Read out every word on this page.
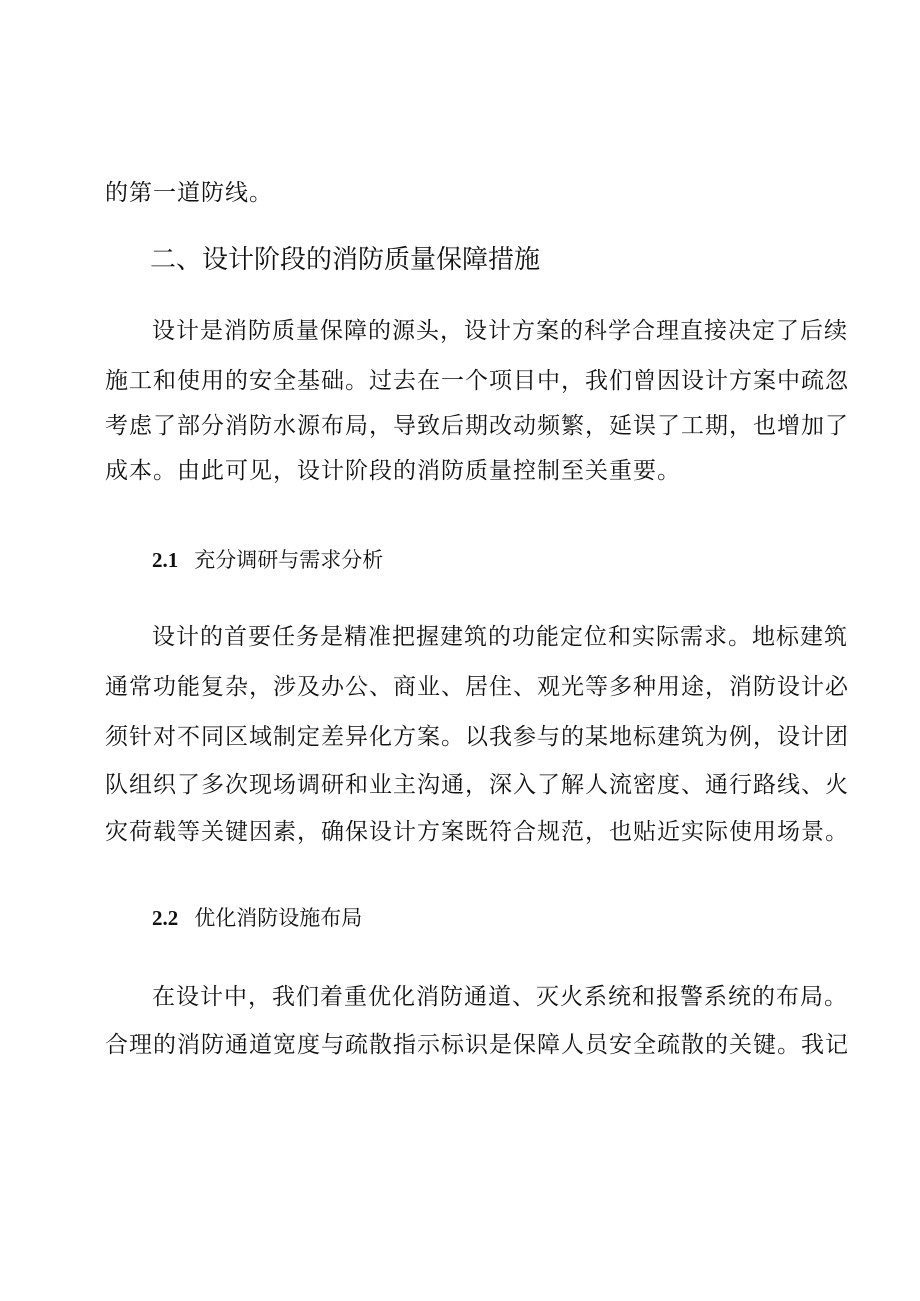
的第一道防线。
二、设计阶段的消防质量保障措施
设计是消防质量保障的源头，设计方案的科学合理直接决定了后续
施工和使用的安全基础。过去在一个项目中，我们曾因设计方案中疏忽
考虑了部分消防水源布局，导致后期改动频繁，延误了工期，也增加了
成本。由此可见，设计阶段的消防质量控制至关重要。
2.1 充分调研与需求分析
设计的首要任务是精准把握建筑的功能定位和实际需求。地标建筑
通常功能复杂，涉及办公、商业、居住、观光等多种用途，消防设计必
须针对不同区域制定差异化方案。以我参与的某地标建筑为例，设计团
队组织了多次现场调研和业主沟通，深入了解人流密度、通行路线、火
灾荷载等关键因素，确保设计方案既符合规范，也贴近实际使用场景。
2.2 优化消防设施布局
在设计中，我们着重优化消防通道、灭火系统和报警系统的布局。
合理的消防通道宽度与疏散指示标识是保障人员安全疏散的关键。我记
